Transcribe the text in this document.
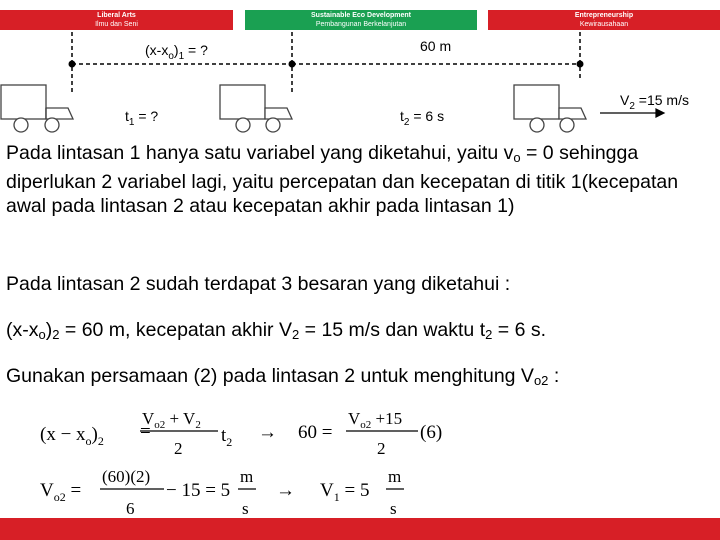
Liberal Arts
Ilmu dan Seni
Sustainable Eco Development
Pembangunan Berkelanjutan
Entrepreneurship
Kewirausahaan
$(x-x_o)_1$ = ?	60 m
$t_1$ = ?	$t_2 = 6$ s
$V_2 =15$ m/s
Pada lintasan 1 hanya satu variabel yang diketahui, yaitu $v_o = 0$ sehingga diperlukan 2 variabel lagi, yaitu percepatan dan kecepatan di titik 1(kecepatan awal pada lintasan 2 atau kecepatan akhir pada lintasan 1)
Pada lintasan 2 sudah terdapat 3 besaran yang diketahui :
$(x-x_o)_2 = 60$ m, kecepatan akhir $V_2 = 15$ m/s dan waktu $t_2 = 6$ s.
Gunakan persamaan (2) pada lintasan 2 untuk menghitung $V_{o2}$ :
$(x - x_o)_2$ =
$V_{o2} + V_2$
2
$t_2 \to 60$ =
$V_{o2} +15$
2
(6)
$V_{o2}$ =
(60)(2)
6
− 15 = 5
m
s
→ $V_1 = 5$
m
s
